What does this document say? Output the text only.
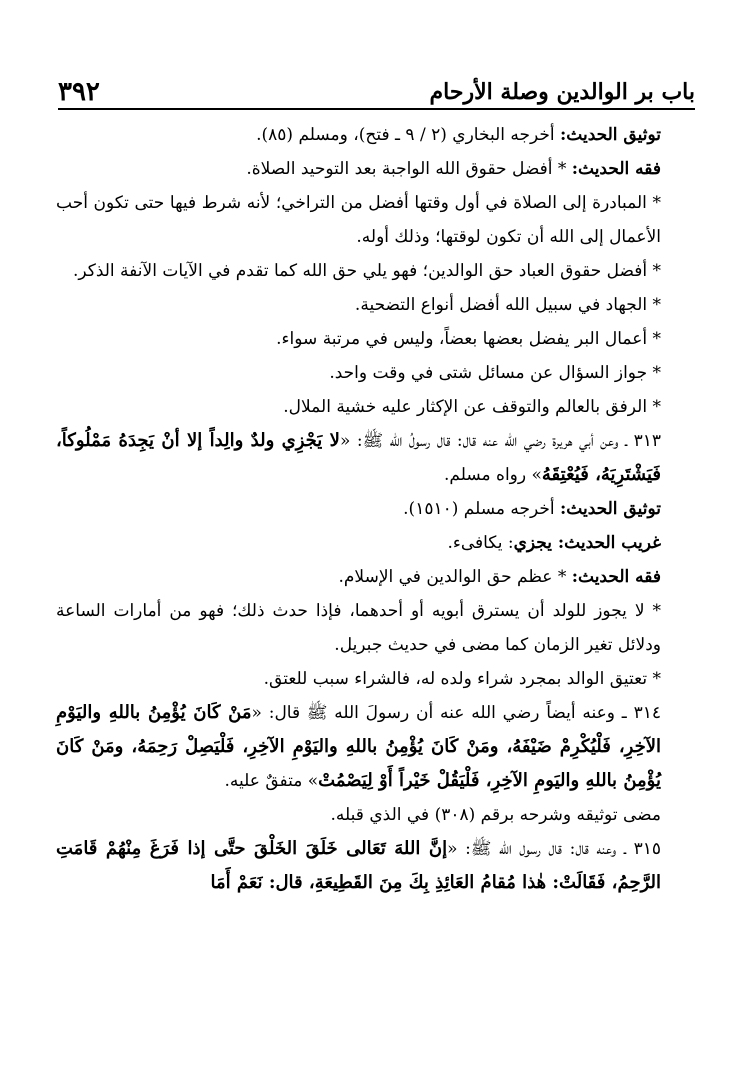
باب بر الوالدين وصلة الأرحام
٣٩٢

توثيق الحديث: أخرجه البخاري (٢ / ٩ ـ فتح)، ومسلم (٨٥).

فقه الحديث: * أفضل حقوق الله الواجبة بعد التوحيد الصلاة.

* المبادرة إلى الصلاة في أول وقتها أفضل من التراخي؛ لأنه شرط فيها حتى تكون أحب الأعمال إلى الله أن تكون لوقتها؛ وذلك أوله.

* أفضل حقوق العباد حق الوالدين؛ فهو يلي حق الله كما تقدم في الآيات الآنفة الذكر.

* الجهاد في سبيل الله أفضل أنواع التضحية.

* أعمال البر يفضل بعضها بعضاً، وليس في مرتبة سواء.

* جواز السؤال عن مسائل شتى في وقت واحد.

* الرفق بالعالم والتوقف عن الإكثار عليه خشية الملال.

٣١٣ ـ وعن أبي هريرة رضي الله عنه قال: قال رسولُ الله ﷺ: «لا يَجْزِي ولدٌ والِداً إلا أنْ يَجِدَهُ مَمْلُوكاً، فَيَشْتَرِيَهُ، فَيُعْتِقَهُ» رواه مسلم.

توثيق الحديث: أخرجه مسلم (١٥١٠).

غريب الحديث: يجزي: يكافىء.

فقه الحديث: * عظم حق الوالدين في الإسلام.

* لا يجوز للولد أن يسترق أبويه أو أحدهما، فإذا حدث ذلك؛ فهو من أمارات الساعة ودلائل تغير الزمان كما مضى في حديث جبريل.

* تعتيق الوالد بمجرد شراء ولده له، فالشراء سبب للعتق.

٣١٤ ـ وعنه أيضاً رضي الله عنه أن رسولَ الله ﷺ قال: «مَنْ كَانَ يُؤْمِنُ باللهِ واليَوْمِ الآخِرِ، فَلْيُكْرِمْ ضَيْفَهُ، ومَنْ كَانَ يُؤْمِنُ باللهِ واليَوْمِ الآخِرِ، فَلْيَصِلْ رَحِمَهُ، ومَنْ كَانَ يُؤْمِنُ باللهِ واليَومِ الآخِرِ، فَلْيَقُلْ خَيْراً أَوْ لِيَصْمُتْ» متفقٌ عليه.

مضى توثيقه وشرحه برقم (٣٠٨) في الذي قبله.

٣١٥ ـ وعنه قال: قال رسول الله ﷺ: «إنَّ اللهَ تَعَالى خَلَقَ الخَلْقَ حتَّى إذا فَرَغَ مِنْهُمْ قَامَتِ الرَّحِمُ، فَقَالَتْ: هٰذا مُقامُ العَائِذِ بِكَ مِنَ القَطِيعَةِ، قال: نَعَمْ أَمَا
